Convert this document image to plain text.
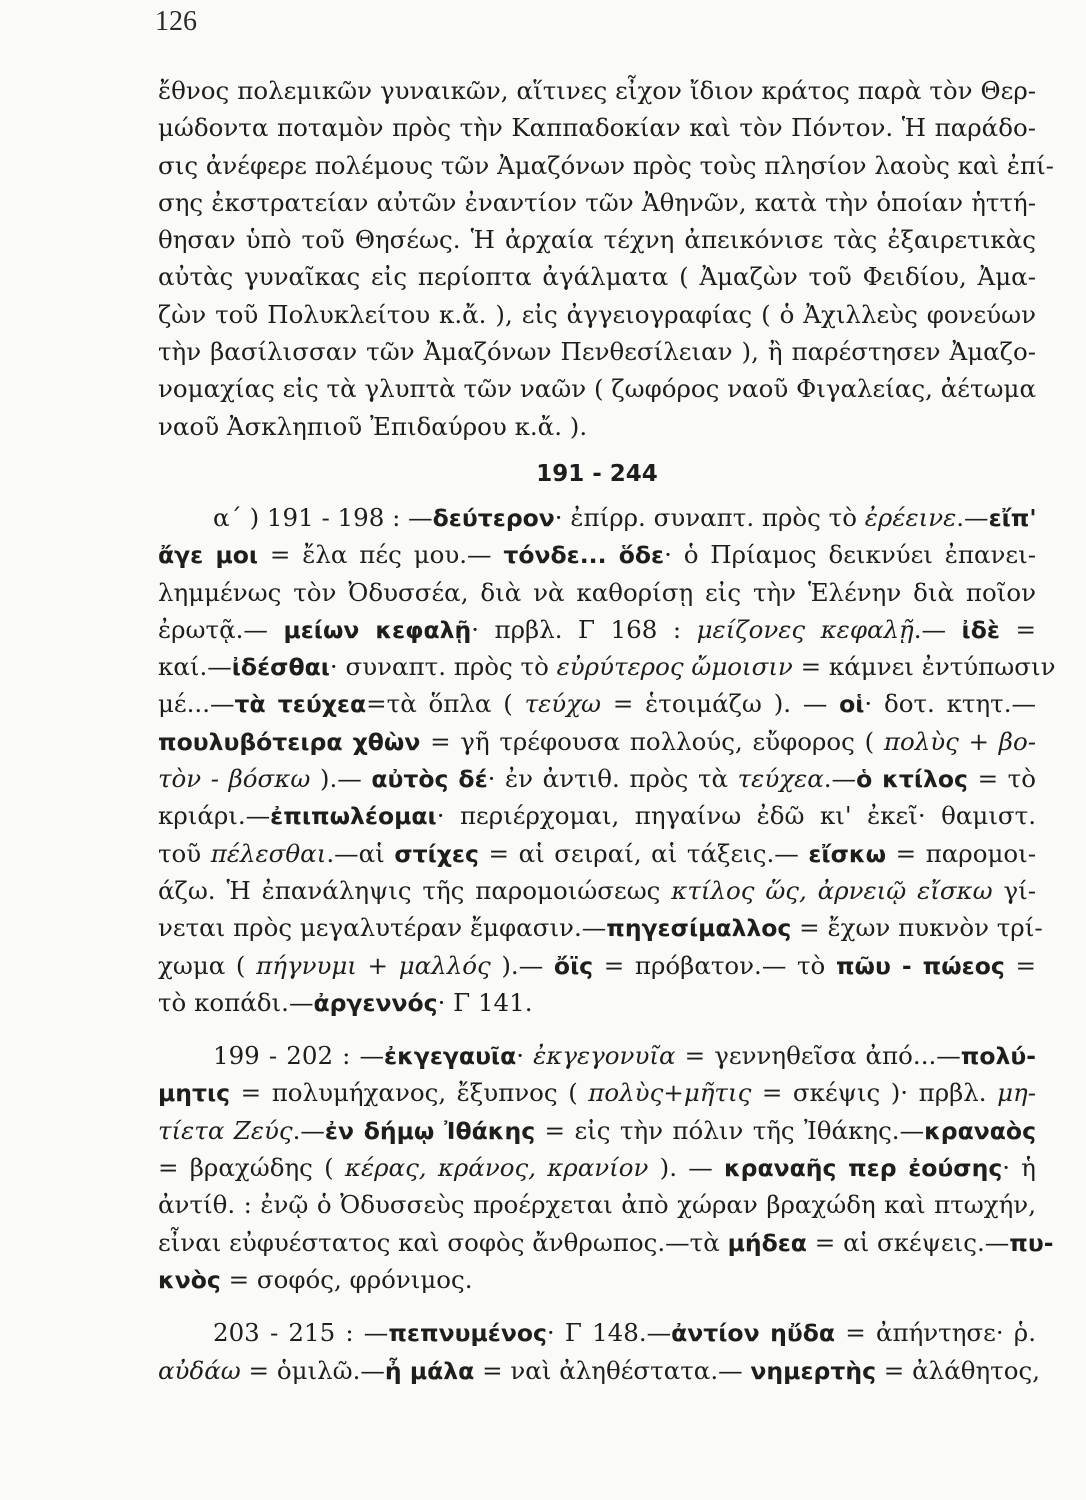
126
ἔθνος πολεμικῶν γυναικῶν, αἵτινες εἶχον ἴδιον κράτος παρὰ τὸν Θερ-
μώδοντα ποταμὸν πρὸς τὴν Καππαδοκίαν καὶ τὸν Πόντον. Ἡ παράδο-
σις ἀνέφερε πολέμους τῶν Ἀμαζόνων πρὸς τοὺς πλησίον λαοὺς καὶ ἐπί-
σης ἐκστρατείαν αὐτῶν ἐναντίον τῶν Ἀθηνῶν, κατὰ τὴν ὁποίαν ἡττή-
θησαν ὑπὸ τοῦ Θησέως. Ἡ ἀρχαία τέχνη ἀπεικόνισε τὰς ἐξαιρετικὰς
αὐτὰς γυναῖκας εἰς περίοπτα ἀγάλματα ( Ἀμαζὼν τοῦ Φειδίου, Ἀμα-
ζὼν τοῦ Πολυκλείτου κ.ἄ. ), εἰς ἀγγειογραφίας ( ὁ Ἀχιλλεὺς φονεύων
τὴν βασίλισσαν τῶν Ἀμαζόνων Πενθεσίλειαν ), ἢ παρέστησεν Ἀμαζο-
νομαχίας εἰς τὰ γλυπτὰ τῶν ναῶν ( ζωφόρος ναοῦ Φιγαλείας, ἀέτωμα
ναοῦ Ἀσκληπιοῦ Ἐπιδαύρου κ.ἄ. ).
191 - 244
α´ ) 191 - 198 : —δεύτερον· ἐπίρρ. συναπτ. πρὸς τὸ ἐρέεινε.—εἴπ'
ἄγε μοι = ἔλα πές μου.— τόνδε... ὅδε· ὁ Πρίαμος δεικνύει ἐπανει-
λημμένως τὸν Ὀδυσσέα, διὰ νὰ καθορίσῃ εἰς τὴν Ἑλένην διὰ ποῖον
ἐρωτᾷ.— μείων κεφαλῇ· πρβλ. Γ 168 : μείζονες κεφαλῇ.— ἰδὲ =
καί.—ἰδέσθαι· συναπτ. πρὸς τὸ εὐρύτερος ὤμοισιν = κάμνει ἐντύπωσιν
μέ...—τὰ τεύχεα=τὰ ὅπλα ( τεύχω = ἑτοιμάζω ). — οἱ· δοτ. κτητ.—
πουλυβότειρα χθὼν = γῆ τρέφουσα πολλούς, εὔφορος ( πολὺς + βο-
τὸν - βόσκω ).— αὐτὸς δέ· ἐν ἀντιθ. πρὸς τὰ τεύχεα.—ὁ κτίλος = τὸ
κριάρι.—ἐπιπωλέομαι· περιέρχομαι, πηγαίνω ἐδῶ κι' ἐκεῖ· θαμιστ.
τοῦ πέλεσθαι.—αἱ στίχες = αἱ σειραί, αἱ τάξεις.— εἴσκω = παρομοι-
άζω. Ἡ ἐπανάληψις τῆς παρομοιώσεως κτίλος ὥς, ἀρνειῷ εἴσκω γί-
νεται πρὸς μεγαλυτέραν ἔμφασιν.—πηγεσίμαλλος = ἔχων πυκνὸν τρί-
χωμα ( πήγνυμι + μαλλός ).— ὄϊς = πρόβατον.— τὸ πῶυ - πώεος =
τὸ κοπάδι.—ἀργεννός· Γ 141.
199 - 202 : —ἐκγεγαυῖα· ἐκγεγονυῖα = γεννηθεῖσα ἀπό...—πολύ-
μητις = πολυμήχανος, ἔξυπνος ( πολὺς+μῆτις = σκέψις )· πρβλ. μη-
τίετα Ζεύς.—ἐν δήμῳ Ἰθάκης = εἰς τὴν πόλιν τῆς Ἰθάκης.—κραναὸς
= βραχώδης ( κέρας, κράνος, κρανίον ). — κραναῆς περ ἐούσης· ἡ
ἀντίθ. : ἐνῷ ὁ Ὀδυσσεὺς προέρχεται ἀπὸ χώραν βραχώδη καὶ πτωχήν,
εἶναι εὐφυέστατος καὶ σοφὸς ἄνθρωπος.—τὰ μήδεα = αἱ σκέψεις.—πυ-
κνὸς = σοφός, φρόνιμος.
203 - 215 : —πεπνυμένος· Γ 148.—ἀντίον ηὔδα = ἀπήντησε· ῥ.
αὐδάω = ὁμιλῶ.—ἦ μάλα = ναὶ ἀληθέστατα.— νημερτὴς = ἀλάθητος,
